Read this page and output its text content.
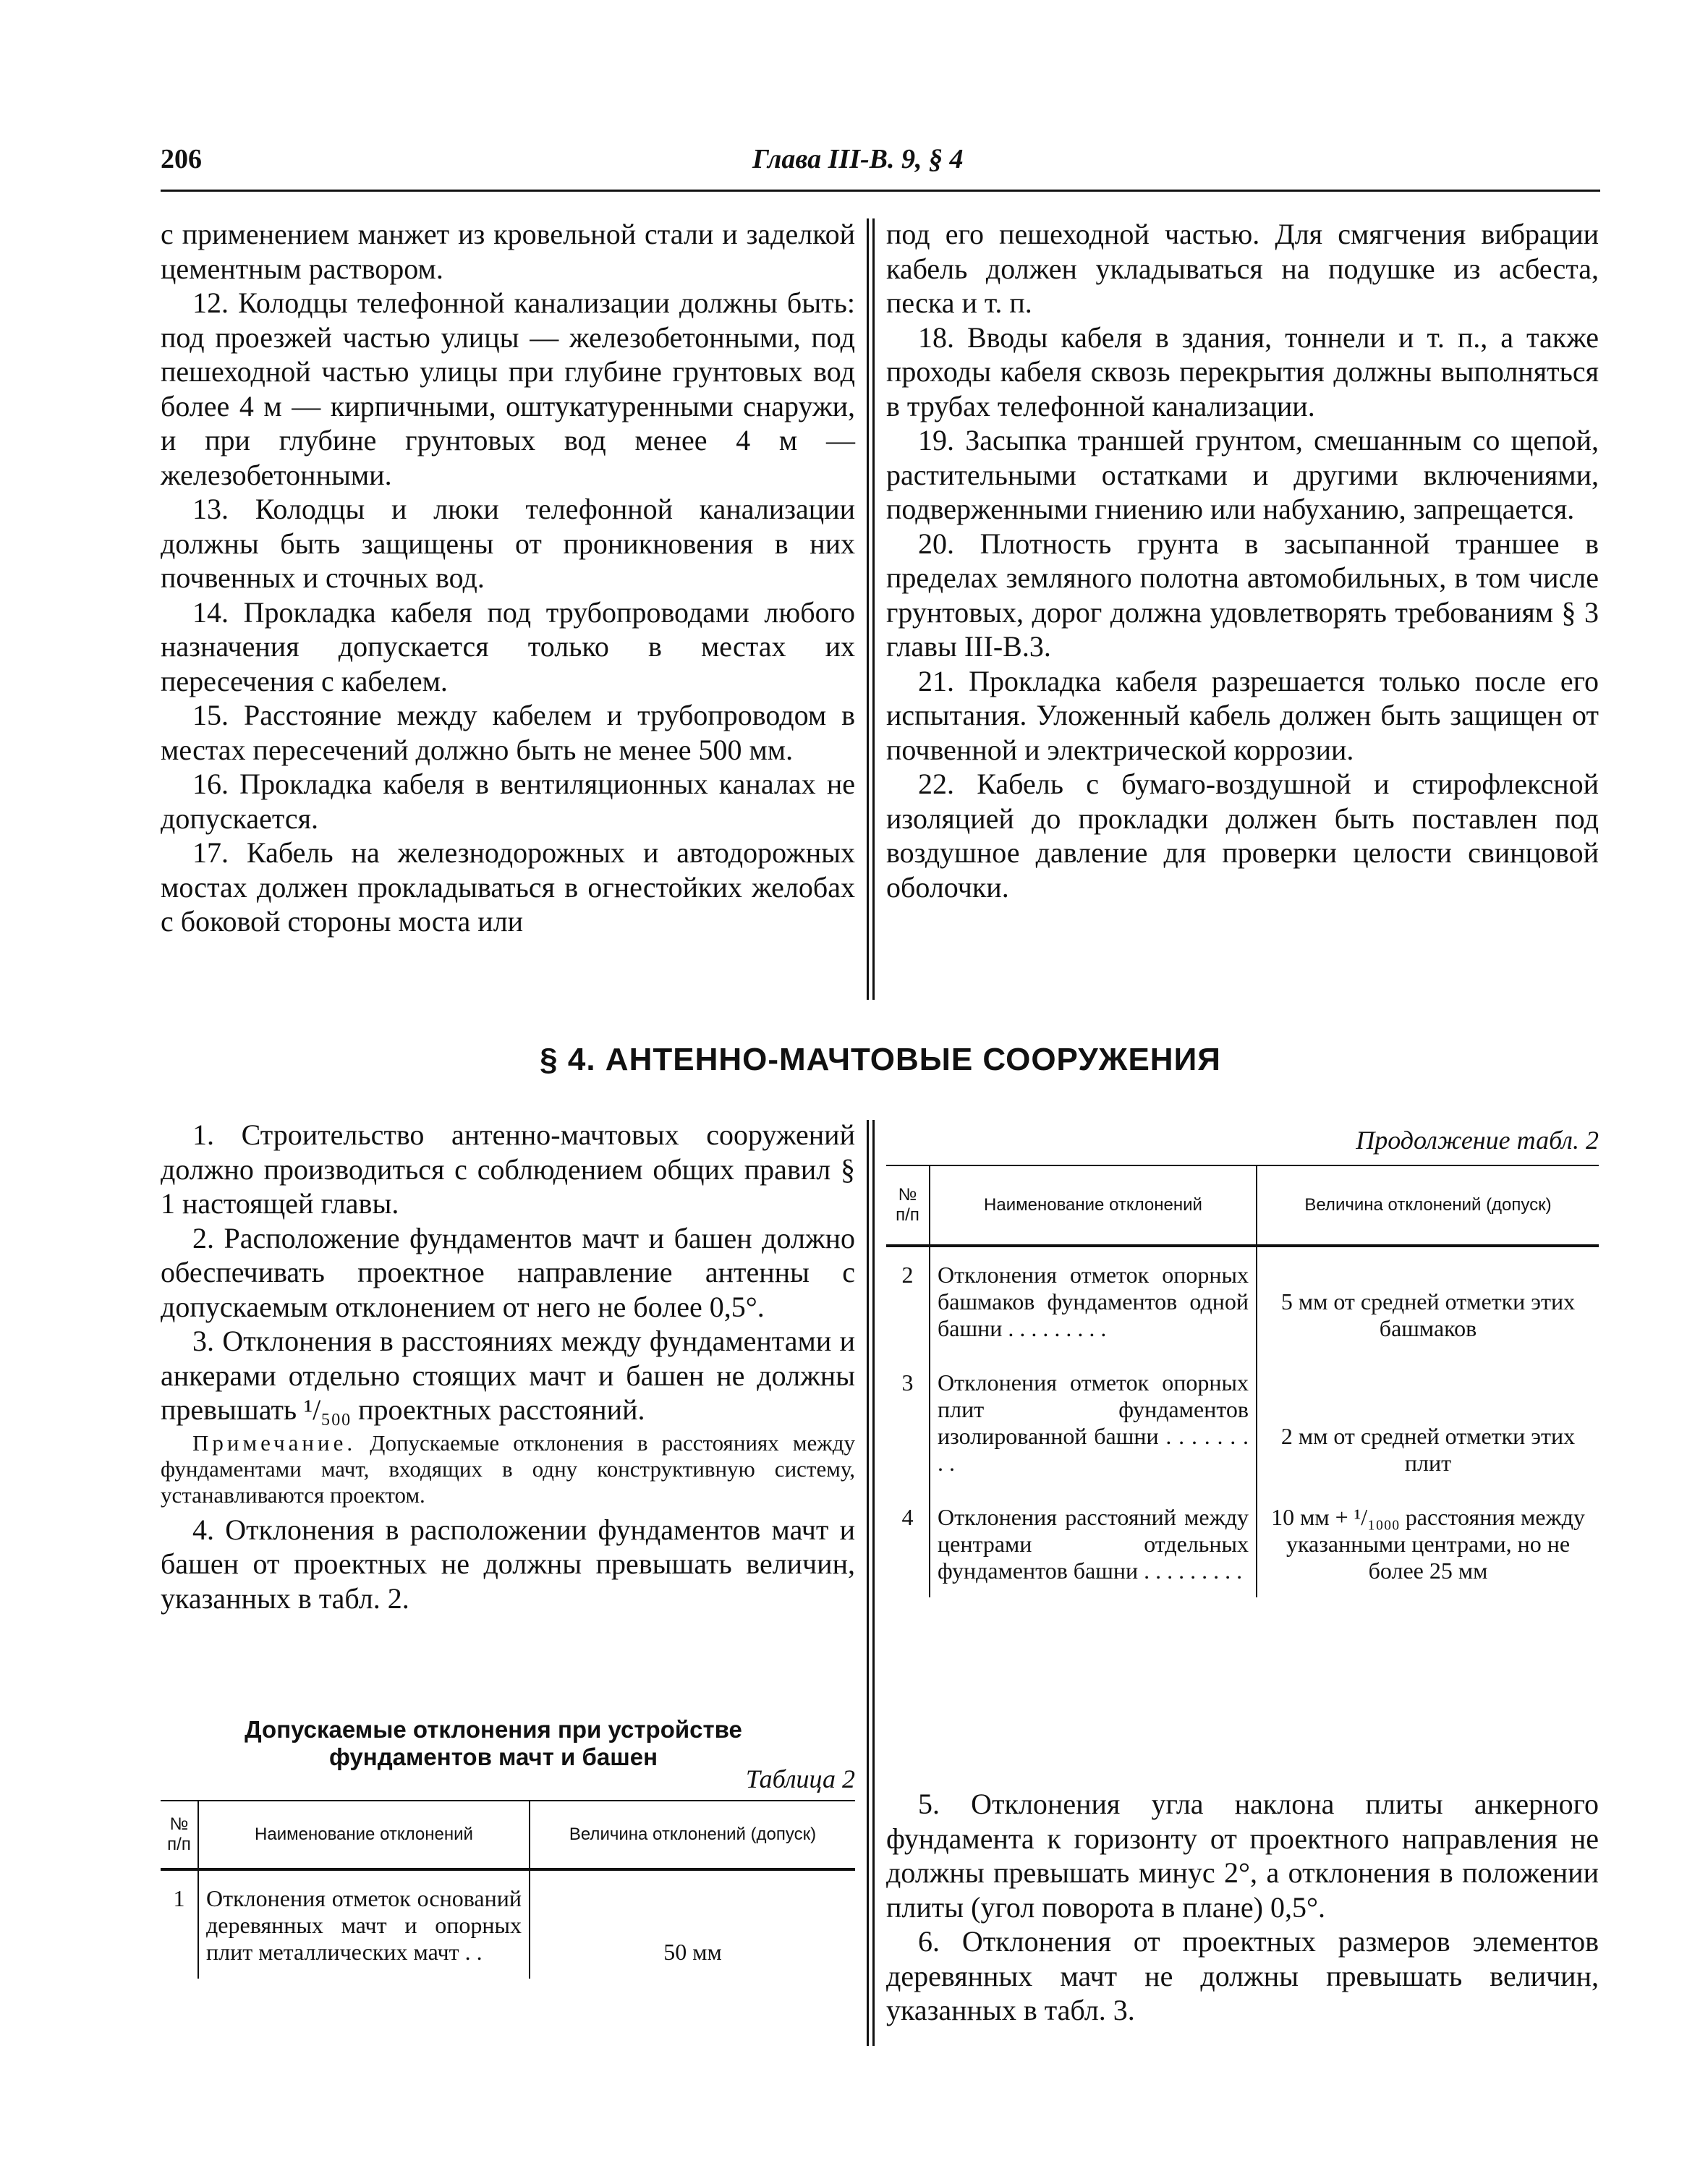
206	Глава III-В. 9, § 4

с применением манжет из кровельной стали и заделкой цементным раствором.

12. Колодцы телефонной канализации должны быть: под проезжей частью улицы — железобетонными, под пешеходной частью улицы при глубине грунтовых вод более 4 м — кирпичными, оштукатуренными снаружи, и при глубине грунтовых вод менее 4 м — железобетонными.

13. Колодцы и люки телефонной канализации должны быть защищены от проникновения в них почвенных и сточных вод.

14. Прокладка кабеля под трубопроводами любого назначения допускается только в местах их пересечения с кабелем.

15. Расстояние между кабелем и трубопроводом в местах пересечений должно быть не менее 500 мм.

16. Прокладка кабеля в вентиляционных каналах не допускается.

17. Кабель на железнодорожных и автодорожных мостах должен прокладываться в огнестойких желобах с боковой стороны моста или

под его пешеходной частью. Для смягчения вибрации кабель должен укладываться на подушке из асбеста, песка и т. п.

18. Вводы кабеля в здания, тоннели и т. п., а также проходы кабеля сквозь перекрытия должны выполняться в трубах телефонной канализации.

19. Засыпка траншей грунтом, смешанным со щепой, растительными остатками и другими включениями, подверженными гниению или набуханию, запрещается.

20. Плотность грунта в засыпанной траншее в пределах земляного полотна автомобильных, в том числе грунтовых, дорог должна удовлетворять требованиям § 3 главы III-В.3.

21. Прокладка кабеля разрешается только после его испытания. Уложенный кабель должен быть защищен от почвенной и электрической коррозии.

22. Кабель с бумаго-воздушной и стирофлексной изоляцией до прокладки должен быть поставлен под воздушное давление для проверки целости свинцовой оболочки.

§ 4. АНТЕННО-МАЧТОВЫЕ СООРУЖЕНИЯ

1. Строительство антенно-мачтовых сооружений должно производиться с соблюдением общих правил § 1 настоящей главы.

2. Расположение фундаментов мачт и башен должно обеспечивать проектное направление антенны с допускаемым отклонением от него не более 0,5°.

3. Отклонения в расстояниях между фундаментами и анкерами отдельно стоящих мачт и башен не должны превышать ¹/₅₀₀ проектных расстояний.

Примечание. Допускаемые отклонения в расстояниях между фундаментами мачт, входящих в одну конструктивную систему, устанавливаются проектом.

4. Отклонения в расположении фундаментов мачт и башен от проектных не должны превышать величин, указанных в табл. 2.

Допускаемые отклонения при устройстве фундаментов мачт и башен
Таблица 2
№ п/п	Наименование отклонений	Величина отклонений (допуск)
1	Отклонения отметок оснований деревянных мачт и опорных плит металлических мачт . .	50 мм
Продолжение табл. 2
№ п/п	Наименование отклонений	Величина отклонений (допуск)
2	Отклонения отметок опорных башмаков фундаментов одной башни . . . . . . . . .	5 мм от средней отметки этих башмаков
3	Отклонения отметок опорных плит фундаментов изолированной башни . . . . . . . . .	2 мм от средней отметки этих плит
4	Отклонения расстояний между центрами отдельных фундаментов башни . . . . . . . . .	10 мм + ¹/₁₀₀₀ расстояния между указанными центрами, но не более 25 мм

5. Отклонения угла наклона плиты анкерного фундамента к горизонту от проектного направления не должны превышать минус 2°, а отклонения в положении плиты (угол поворота в плане) 0,5°.

6. Отклонения от проектных размеров элементов деревянных мачт не должны превышать величин, указанных в табл. 3.
